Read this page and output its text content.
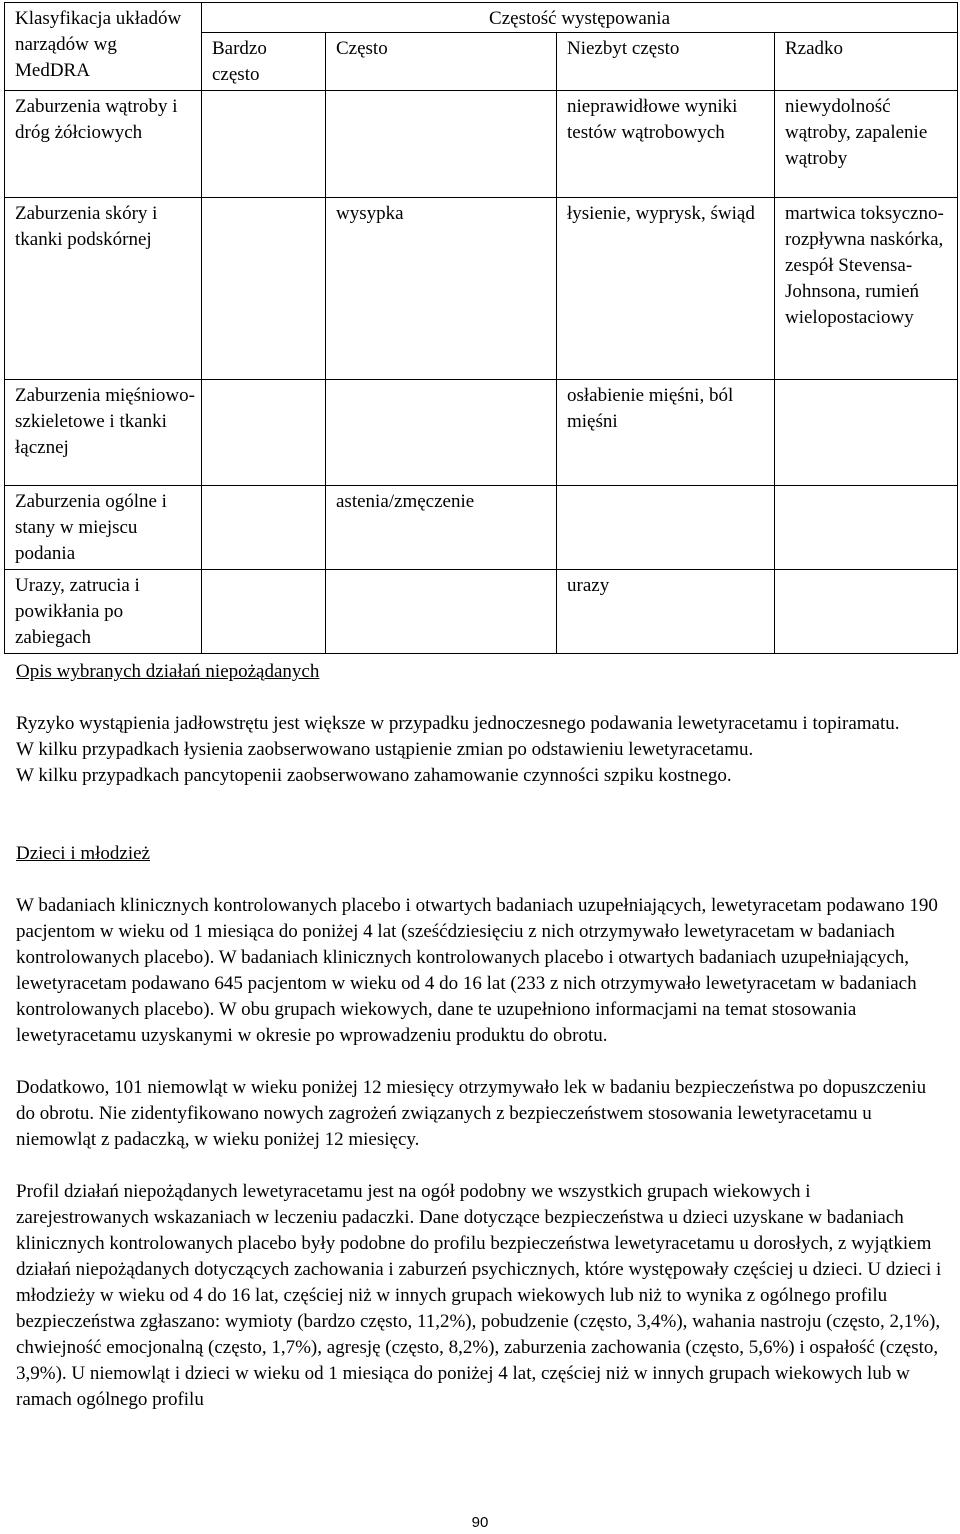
Klasyfikacja układów narządów wg MedDRA	Częstość występowania			
	Bardzo często	Często	Niezbyt często	Rzadko
Zaburzenia wątroby i dróg żółciowych			nieprawidłowe wyniki testów wątrobowych	niewydolność wątroby, zapalenie wątroby
Zaburzenia skóry i tkanki podskórnej		wysypka	łysienie, wyprysk, świąd	martwica toksyczno-rozpływna naskórka, zespół Stevensa-Johnsona, rumień wielopostaciowy
Zaburzenia mięśniowo-szkieletowe i tkanki łącznej			osłabienie mięśni, ból mięśni	
Zaburzenia ogólne i stany w miejscu podania		astenia/zmęczenie		
Urazy, zatrucia i powikłania po zabiegach			urazy	

Opis wybranych działań niepożądanych

Ryzyko wystąpienia jadłowstrętu jest większe w przypadku jednoczesnego podawania lewetyracetamu i topiramatu.

W kilku przypadkach łysienia zaobserwowano ustąpienie zmian po odstawieniu lewetyracetamu.

W kilku przypadkach pancytopenii zaobserwowano zahamowanie czynności szpiku kostnego.

Dzieci i młodzież

W badaniach klinicznych kontrolowanych placebo i otwartych badaniach uzupełniających, lewetyracetam podawano 190 pacjentom w wieku od 1 miesiąca do poniżej 4 lat (sześćdziesięciu z nich otrzymywało lewetyracetam w badaniach kontrolowanych placebo). W badaniach klinicznych kontrolowanych placebo i otwartych badaniach uzupełniających, lewetyracetam podawano 645 pacjentom w wieku od 4 do 16 lat (233 z nich otrzymywało lewetyracetam w badaniach kontrolowanych placebo). W obu grupach wiekowych, dane te uzupełniono informacjami na temat stosowania lewetyracetamu uzyskanymi w okresie po wprowadzeniu produktu do obrotu.

Dodatkowo, 101 niemowląt w wieku poniżej 12 miesięcy otrzymywało lek w badaniu bezpieczeństwa po dopuszczeniu do obrotu. Nie zidentyfikowano nowych zagrożeń związanych z bezpieczeństwem stosowania lewetyracetamu u niemowląt z padaczką, w wieku poniżej 12 miesięcy.

Profil działań niepożądanych lewetyracetamu jest na ogół podobny we wszystkich grupach wiekowych i zarejestrowanych wskazaniach w leczeniu padaczki. Dane dotyczące bezpieczeństwa u dzieci uzyskane w badaniach klinicznych kontrolowanych placebo były podobne do profilu bezpieczeństwa lewetyracetamu u dorosłych, z wyjątkiem działań niepożądanych dotyczących zachowania i zaburzeń psychicznych, które występowały częściej u dzieci. U dzieci i młodzieży w wieku od 4 do 16 lat, częściej niż w innych grupach wiekowych lub niż to wynika z ogólnego profilu bezpieczeństwa zgłaszano: wymioty (bardzo często, 11,2%), pobudzenie (często, 3,4%), wahania nastroju (często, 2,1%), chwiejność emocjonalną (często, 1,7%), agresję (często, 8,2%), zaburzenia zachowania (często, 5,6%) i ospałość (często, 3,9%). U niemowląt i dzieci w wieku od 1 miesiąca do poniżej 4 lat, częściej niż w innych grupach wiekowych lub w ramach ogólnego profilu

90
